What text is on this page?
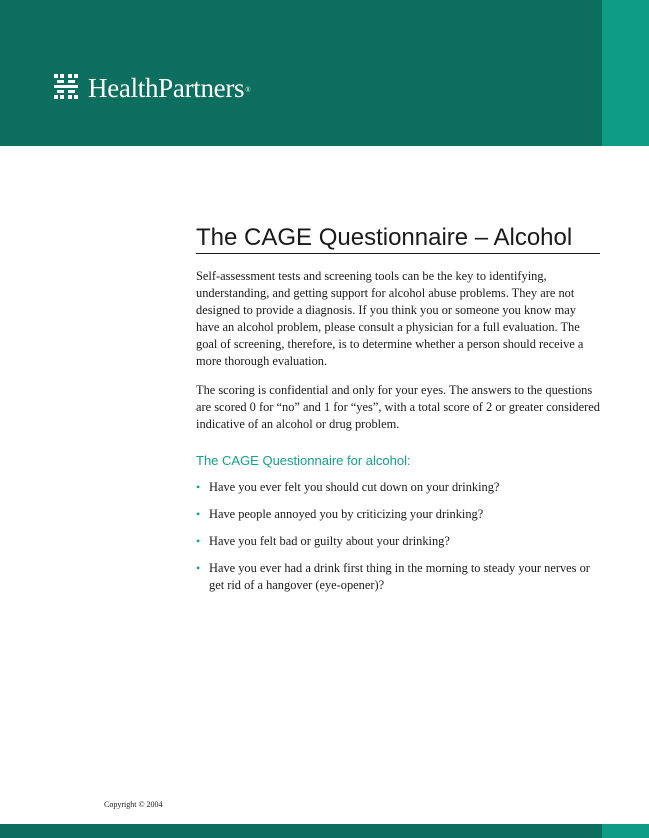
HealthPartners ®
The CAGE Questionnaire – Alcohol

Self-assessment tests and screening tools can be the key to identifying, understanding, and getting support for alcohol abuse problems. They are not designed to provide a diagnosis. If you think you or someone you know may have an alcohol problem, please consult a physician for a full evaluation. The goal of screening, therefore, is to determine whether a person should receive a more thorough evaluation.

The scoring is confidential and only for your eyes. The answers to the questions are scored 0 for “no” and 1 for “yes”, with a total score of 2 or greater considered indicative of an alcohol or drug problem.

The CAGE Questionnaire for alcohol:
• Have you ever felt you should cut down on your drinking?
• Have people annoyed you by criticizing your drinking?
• Have you felt bad or guilty about your drinking?
• Have you ever had a drink first thing in the morning to steady your nerves or get rid of a hangover (eye-opener)?
Copyright © 2004
